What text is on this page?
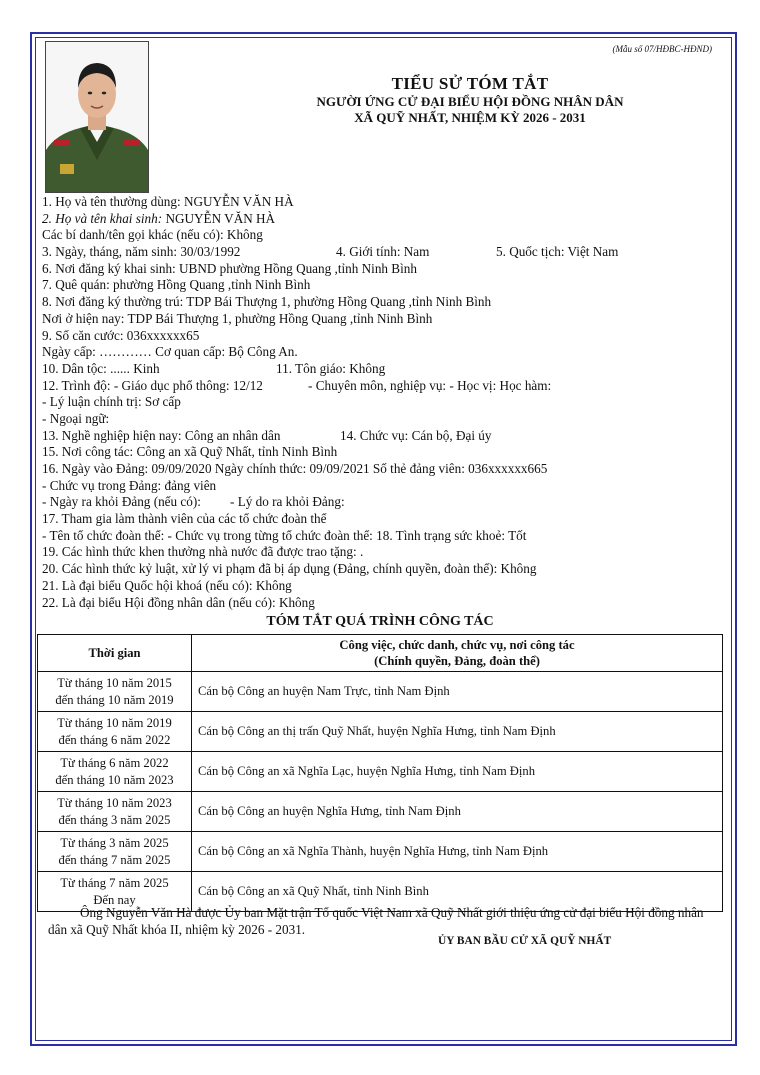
(Mẫu số 07/HĐBC-HĐND)
TIỂU SỬ TÓM TẮT
NGƯỜI ỨNG CỬ ĐẠI BIỂU HỘI ĐỒNG NHÂN DÂN
XÃ QUỸ NHẤT, NHIỆM KỲ 2026 - 2031
1. Họ và tên thường dùng: NGUYỄN VĂN HÀ
2. Họ và tên khai sinh: NGUYỄN VĂN HÀ
Các bí danh/tên gọi khác (nếu có): Không
3. Ngày, tháng, năm sinh: 30/03/1992	4. Giới tính: Nam	5. Quốc tịch: Việt Nam
6. Nơi đăng ký khai sinh: UBND phường Hồng Quang ,tỉnh Ninh Bình
7. Quê quán: phường Hồng Quang ,tỉnh Ninh Bình
8. Nơi đăng ký thường trú: TDP Bái Thượng 1, phường Hồng Quang ,tỉnh Ninh Bình
Nơi ở hiện nay: TDP Bái Thượng 1, phường Hồng Quang ,tỉnh Ninh Bình
9. Số căn cước: 036xxxxxx65
Ngày cấp: ………… Cơ quan cấp: Bộ Công An.
10. Dân tộc: ...... Kinh	11. Tôn giáo: Không
12. Trình độ: - Giáo dục phổ thông: 12/12	- Chuyên môn, nghiệp vụ: - Học vị: Học hàm:
- Lý luận chính trị: Sơ cấp
- Ngoại ngữ:
13. Nghề nghiệp hiện nay: Công an nhân dân	14. Chức vụ: Cán bộ, Đại úy
15. Nơi công tác: Công an xã Quỹ Nhất, tỉnh Ninh Bình
16. Ngày vào Đảng: 09/09/2020 Ngày chính thức: 09/09/2021 Số thẻ đảng viên: 036xxxxxx665
- Chức vụ trong Đảng: đảng viên
- Ngày ra khỏi Đảng (nếu có): - Lý do ra khỏi Đảng:
17. Tham gia làm thành viên của các tổ chức đoàn thể
- Tên tổ chức đoàn thể: - Chức vụ trong từng tổ chức đoàn thể: 18. Tình trạng sức khoẻ: Tốt
19. Các hình thức khen thưởng nhà nước đã được trao tặng: .
20. Các hình thức kỷ luật, xử lý vi phạm đã bị áp dụng (Đảng, chính quyền, đoàn thể): Không
21. Là đại biểu Quốc hội khoá (nếu có): Không
22. Là đại biểu Hội đồng nhân dân (nếu có): Không
TÓM TẮT QUÁ TRÌNH CÔNG TÁC
Thời gian	Công việc, chức danh, chức vụ, nơi công tác
(Chính quyền, Đảng, đoàn thể)

Từ tháng 10 năm 2015
đến tháng 10 năm 2019	Cán bộ Công an huyện Nam Trực, tỉnh Nam Định

Từ tháng 10 năm 2019
đến tháng 6 năm 2022	Cán bộ Công an thị trấn Quỹ Nhất, huyện Nghĩa Hưng, tỉnh Nam Định

Từ tháng 6 năm 2022
đến tháng 10 năm 2023	Cán bộ Công an xã Nghĩa Lạc, huyện Nghĩa Hưng, tỉnh Nam Định

Từ tháng 10 năm 2023
đến tháng 3 năm 2025	Cán bộ Công an huyện Nghĩa Hưng, tỉnh Nam Định

Từ tháng 3 năm 2025
đến tháng 7 năm 2025	Cán bộ Công an xã Nghĩa Thành, huyện Nghĩa Hưng, tỉnh Nam Định

Từ tháng 7 năm 2025
Đến nay	Cán bộ Công an xã Quỹ Nhất, tỉnh Ninh Bình
Ông Nguyễn Văn Hà được Ủy ban Mặt trận Tổ quốc Việt Nam xã Quỹ Nhất giới thiệu ứng cử đại biểu Hội đồng nhân dân xã Quỹ Nhất khóa II, nhiệm kỳ 2026 - 2031.
ỦY BAN BẦU CỬ XÃ QUỸ NHẤT
